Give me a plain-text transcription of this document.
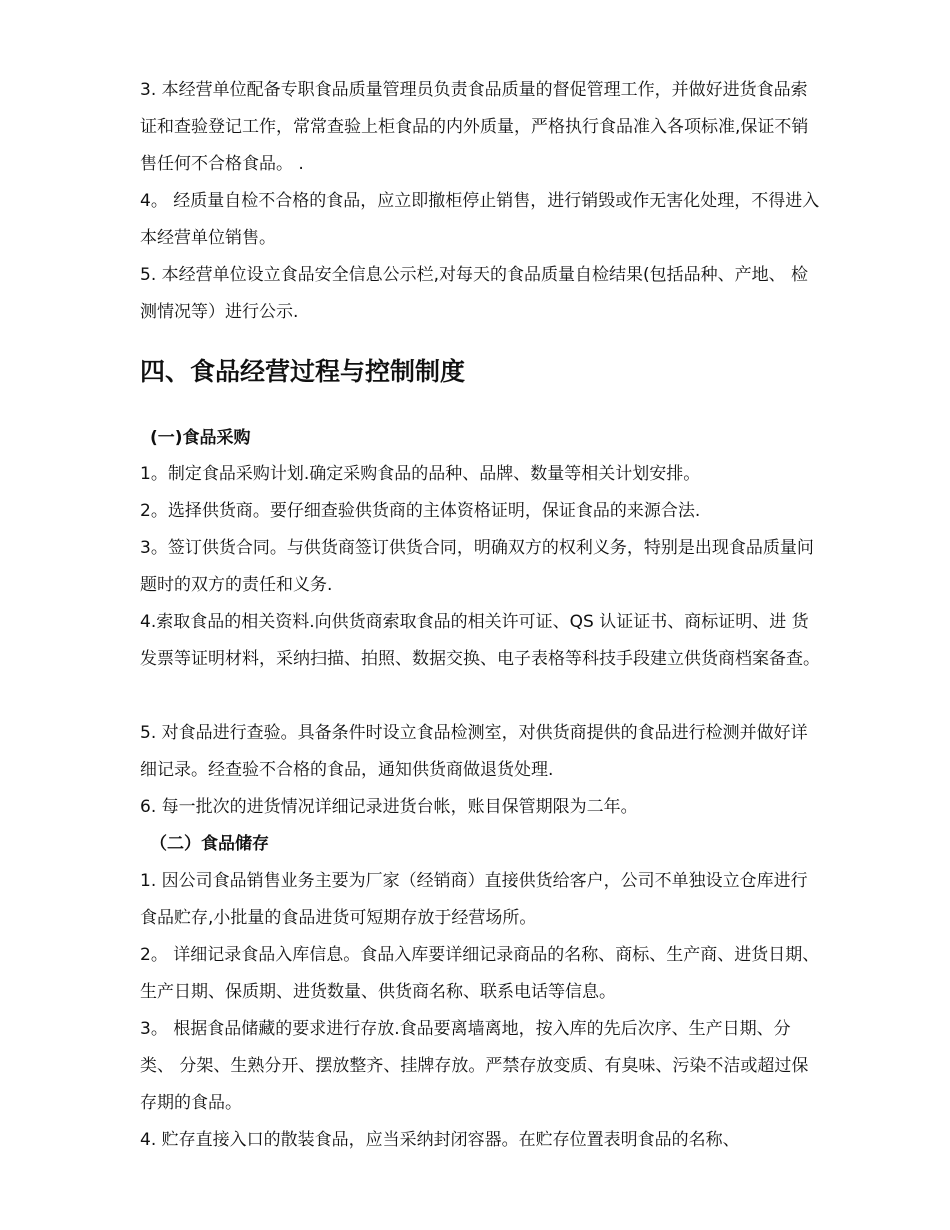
3. 本经营单位配备专职食品质量管理员负责食品质量的督促管理工作，并做好进货食品索 证和查验登记工作，常常查验上柜食品的内外质量，严格执行食品准入各项标准,保证不销售任何不合格食品。 .

4。 经质量自检不合格的食品，应立即撤柜停止销售，进行销毁或作无害化处理，不得进入 本经营单位销售。

5. 本经营单位设立食品安全信息公示栏,对每天的食品质量自检结果(包括品种、产地、 检测情况等）进行公示.

四、食品经营过程与控制制度
(一)食品采购

1。制定食品采购计划.确定采购食品的品种、品牌、数量等相关计划安排。

2。选择供货商。要仔细查验供货商的主体资格证明，保证食品的来源合法.

3。签订供货合同。与供货商签订供货合同，明确双方的权利义务，特别是出现食品质量问题时的双方的责任和义务.

4.索取食品的相关资料.向供货商索取食品的相关许可证、QS 认证证书、商标证明、进 货发票等证明材料，采纳扫描、拍照、数据交换、电子表格等科技手段建立供货商档案备查。

5. 对食品进行查验。具备条件时设立食品检测室，对供货商提供的食品进行检测并做好详 细记录。经查验不合格的食品，通知供货商做退货处理.

6. 每一批次的进货情况详细记录进货台帐，账目保管期限为二年。

（二）食品储存

1. 因公司食品销售业务主要为厂家（经销商）直接供货给客户，公司不单独设立仓库进行 食品贮存,小批量的食品进货可短期存放于经营场所。

2。 详细记录食品入库信息。食品入库要详细记录商品的名称、商标、生产商、进货日期、 生产日期、保质期、进货数量、供货商名称、联系电话等信息。

3。 根据食品储藏的要求进行存放.食品要离墙离地，按入库的先后次序、生产日期、分类、 分架、生熟分开、摆放整齐、挂牌存放。严禁存放变质、有臭味、污染不洁或超过保存期的食品。

4. 贮存直接入口的散装食品，应当采纳封闭容器。在贮存位置表明食品的名称、
